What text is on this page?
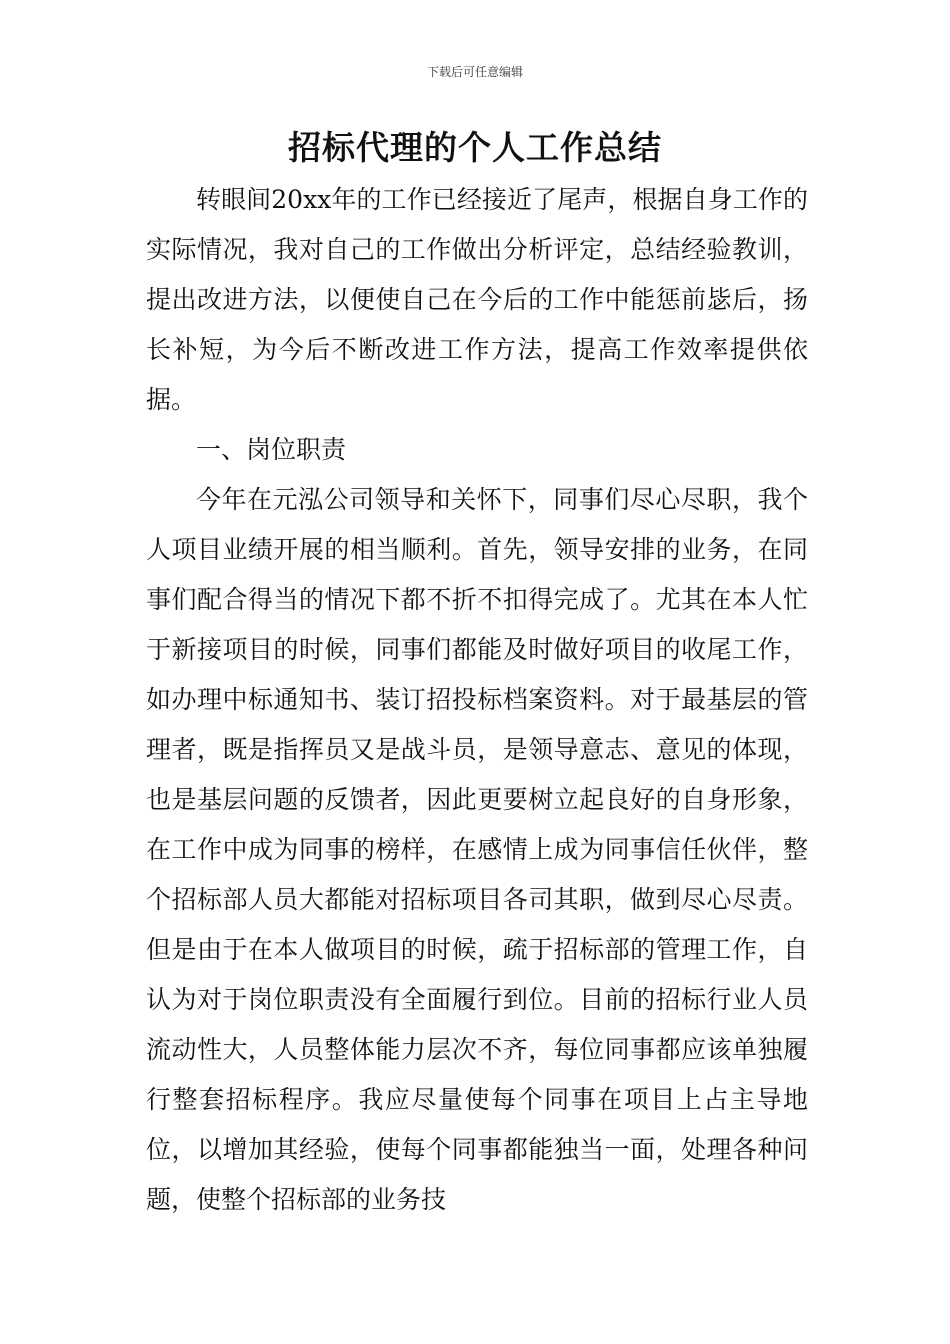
下载后可任意编辑
招标代理的个人工作总结

转眼间20xx年的工作已经接近了尾声，根据自身工作的实际情况，我对自己的工作做出分析评定，总结经验教训，提出改进方法，以便使自己在今后的工作中能惩前毖后，扬长补短，为今后不断改进工作方法，提高工作效率提供依据。

一、岗位职责

今年在元泓公司领导和关怀下，同事们尽心尽职，我个人项目业绩开展的相当顺利。首先，领导安排的业务，在同事们配合得当的情况下都不折不扣得完成了。尤其在本人忙于新接项目的时候，同事们都能及时做好项目的收尾工作，如办理中标通知书、装订招投标档案资料。对于最基层的管理者，既是指挥员又是战斗员，是领导意志、意见的体现，也是基层问题的反馈者，因此更要树立起良好的自身形象，在工作中成为同事的榜样，在感情上成为同事信任伙伴，整个招标部人员大都能对招标项目各司其职，做到尽心尽责。但是由于在本人做项目的时候，疏于招标部的管理工作，自认为对于岗位职责没有全面履行到位。目前的招标行业人员流动性大，人员整体能力层次不齐，每位同事都应该单独履行整套招标程序。我应尽量使每个同事在项目上占主导地位，以增加其经验，使每个同事都能独当一面，处理各种问题，使整个招标部的业务技
